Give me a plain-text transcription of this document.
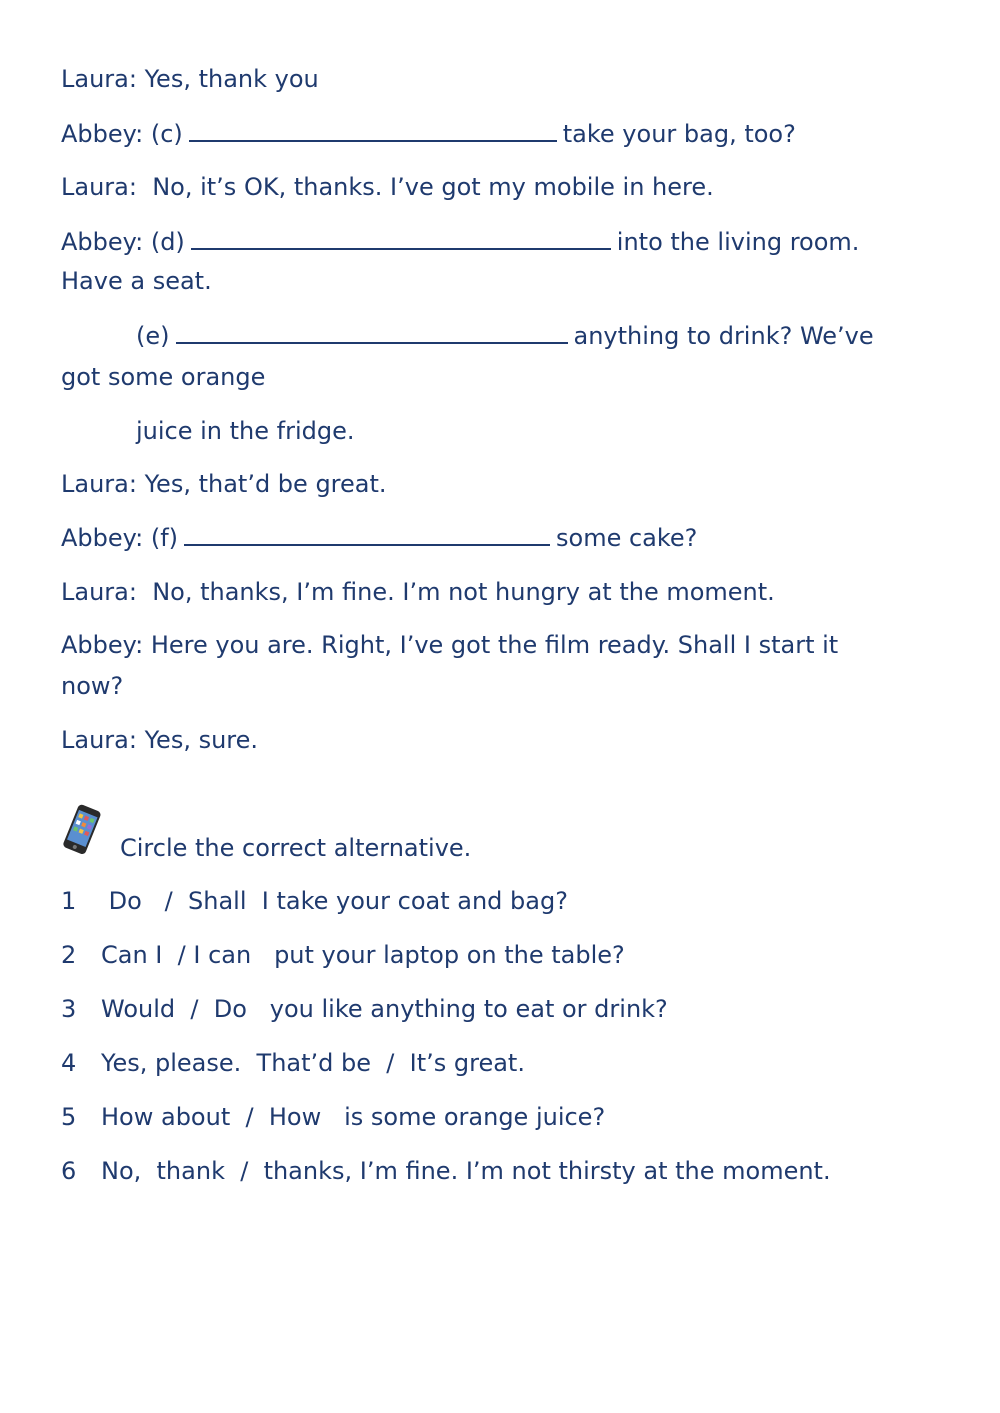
Laura: Yes, thank you
Abbey: (c)	take your bag, too?
Laura:  No, it’s OK, thanks. I’ve got my mobile in here.
Abbey: (d)	into the living room.
Have a seat.
(e)	anything to drink? We’ve
got some orange
juice in the fridge.
Laura: Yes, that’d be great.
Abbey: (f)	some cake?
Laura:  No, thanks, I’m fine. I’m not hungry at the moment.
Abbey: Here you are. Right, I’ve got the film ready. Shall I start it
now?
Laura: Yes, sure.
Circle the correct alternative.
1 Do   /  Shall  I take your coat and bag?
2 Can I  / I can   put your laptop on the table?
3 Would  /  Do   you like anything to eat or drink?
4 Yes, please.  That’d be  /  It’s great.
5 How about  /  How   is some orange juice?
6 No,  thank  /  thanks, I’m fine. I’m not thirsty at the moment.
